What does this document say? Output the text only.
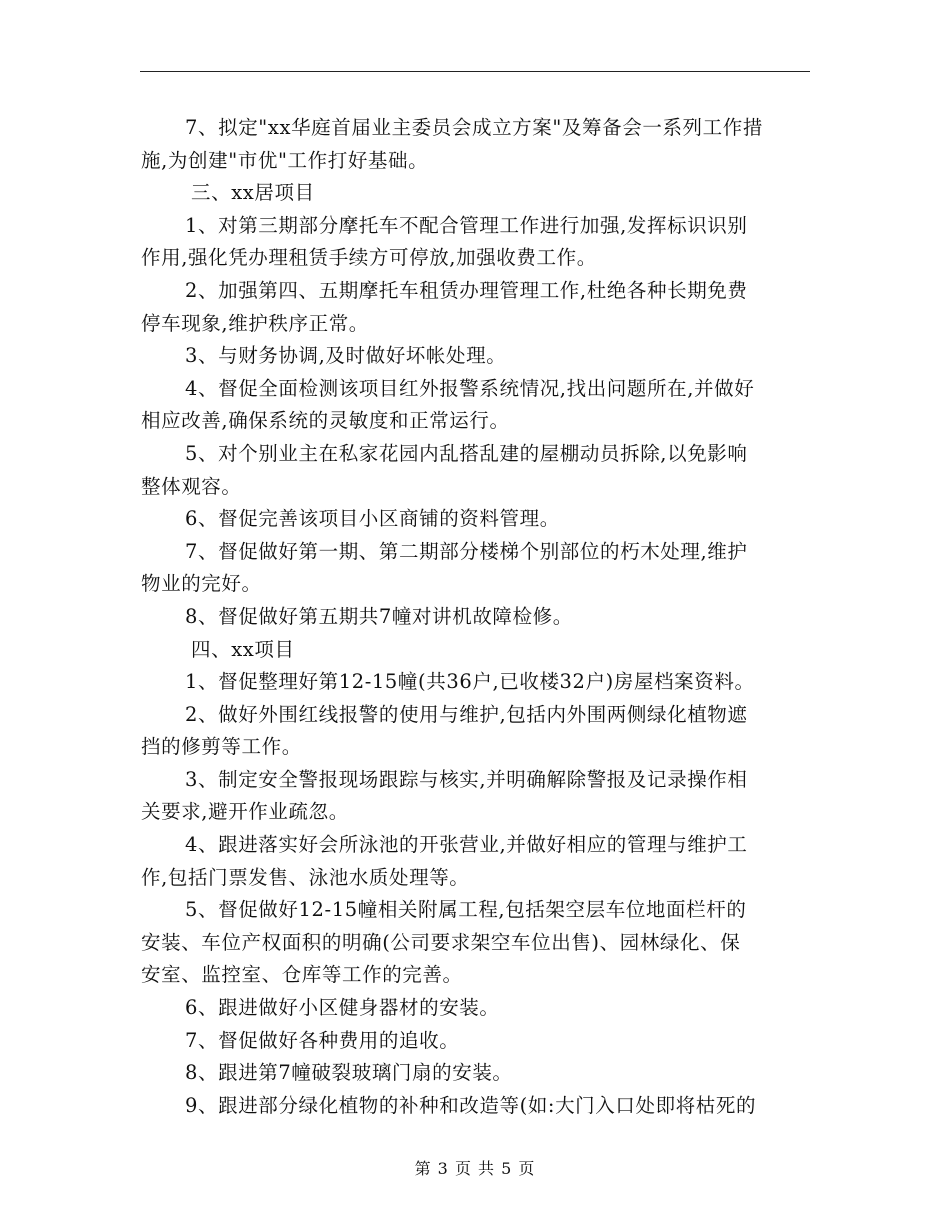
7、拟定"xx华庭首届业主委员会成立方案"及筹备会一系列工作措
施,为创建"市优"工作打好基础。
三、xx居项目
1、对第三期部分摩托车不配合管理工作进行加强,发挥标识识别
作用,强化凭办理租赁手续方可停放,加强收费工作。
2、加强第四、五期摩托车租赁办理管理工作,杜绝各种长期免费
停车现象,维护秩序正常。
3、与财务协调,及时做好坏帐处理。
4、督促全面检测该项目红外报警系统情况,找出问题所在,并做好
相应改善,确保系统的灵敏度和正常运行。
5、对个别业主在私家花园内乱搭乱建的屋棚动员拆除,以免影响
整体观容。
6、督促完善该项目小区商铺的资料管理。
7、督促做好第一期、第二期部分楼梯个别部位的朽木处理,维护
物业的完好。
8、督促做好第五期共7幢对讲机故障检修。
四、xx项目
1、督促整理好第12-15幢(共36户,已收楼32户)房屋档案资料。
2、做好外围红线报警的使用与维护,包括内外围两侧绿化植物遮
挡的修剪等工作。
3、制定安全警报现场跟踪与核实,并明确解除警报及记录操作相
关要求,避开作业疏忽。
4、跟进落实好会所泳池的开张营业,并做好相应的管理与维护工
作,包括门票发售、泳池水质处理等。
5、督促做好12-15幢相关附属工程,包括架空层车位地面栏杆的
安装、车位产权面积的明确(公司要求架空车位出售)、园林绿化、保
安室、监控室、仓库等工作的完善。
6、跟进做好小区健身器材的安装。
7、督促做好各种费用的追收。
8、跟进第7幢破裂玻璃门扇的安装。
9、跟进部分绿化植物的补种和改造等(如:大门入口处即将枯死的
第 3 页 共 5 页
